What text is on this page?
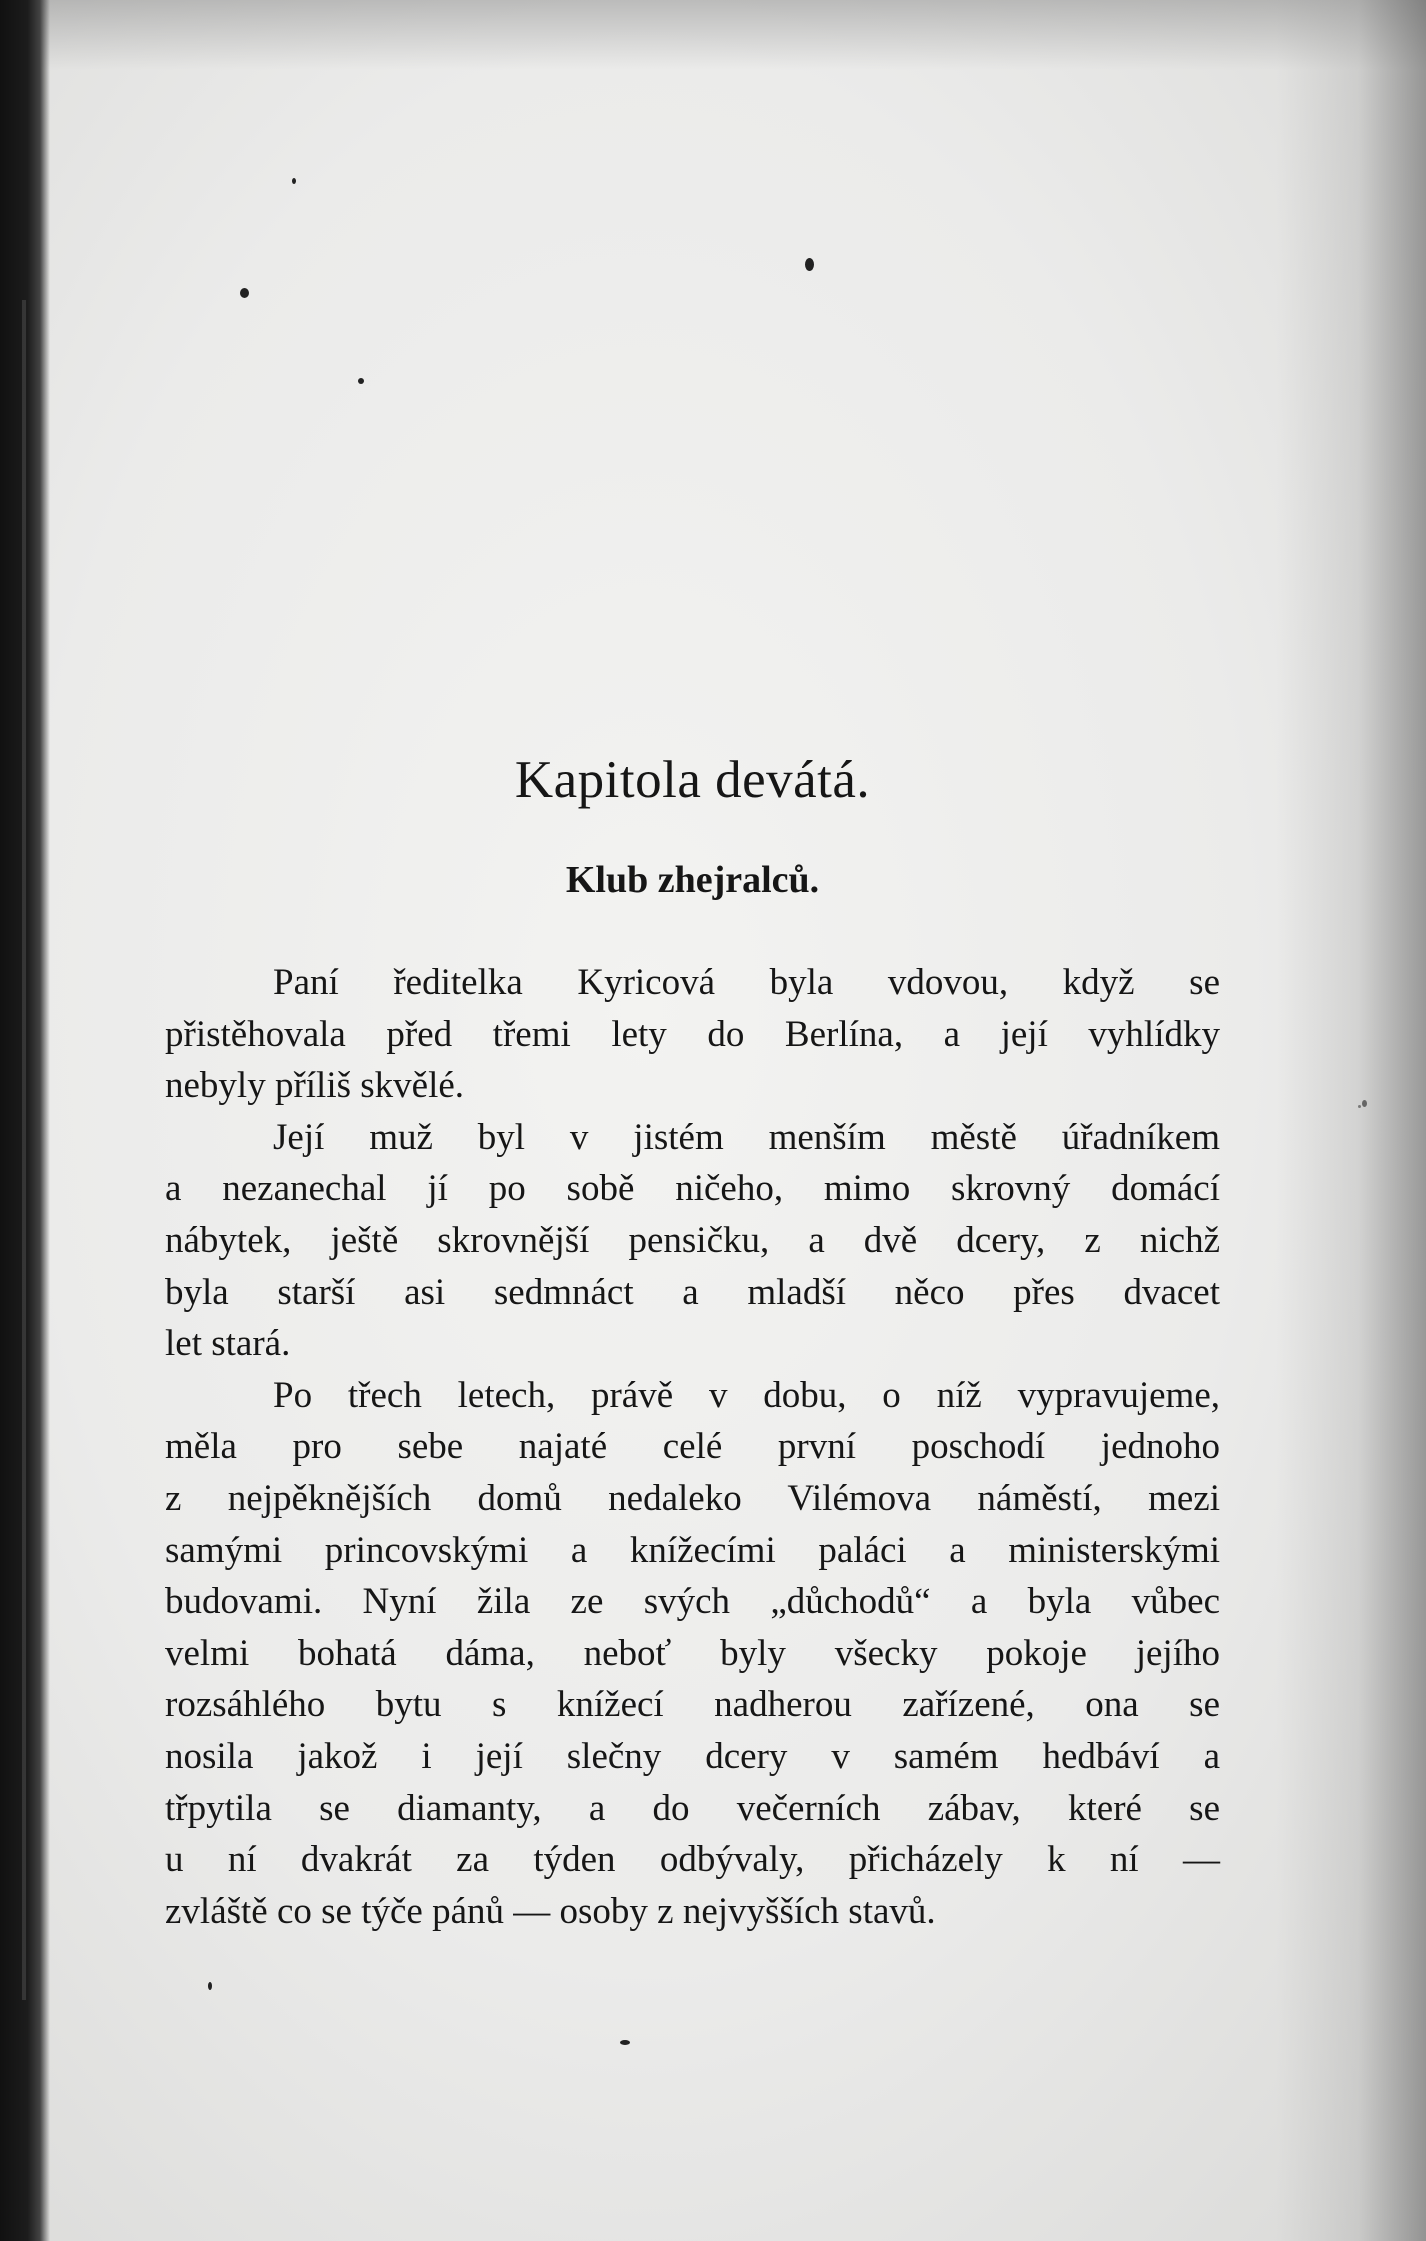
Kapitola devátá.
Klub zhejralců.
Paní ředitelka Kyricová byla vdovou, když se
přistěhovala před třemi lety do Berlína, a její vyhlídky
nebyly příliš skvělé.
Její muž byl v jistém menším městě úřadníkem
a nezanechal jí po sobě ničeho, mimo skrovný domácí
nábytek, ještě skrovnější pensičku, a dvě dcery, z nichž
byla starší asi sedmnáct a mladší něco přes dvacet
let stará.
Po třech letech, právě v dobu, o níž vypravujeme,
měla pro sebe najaté celé první poschodí jednoho
z nejpěknějších domů nedaleko Vilémova náměstí, mezi
samými princovskými a knížecími paláci a ministerskými
budovami. Nyní žila ze svých „důchodů“ a byla vůbec
velmi bohatá dáma, neboť byly všecky pokoje jejího
rozsáhlého bytu s knížecí nadherou zařízené, ona se
nosila jakož i její slečny dcery v samém hedbáví a
třpytila se diamanty, a do večerních zábav, které se
u ní dvakrát za týden odbývaly, přicházely k ní —
zvláště co se týče pánů — osoby z nejvyšších stavů.
